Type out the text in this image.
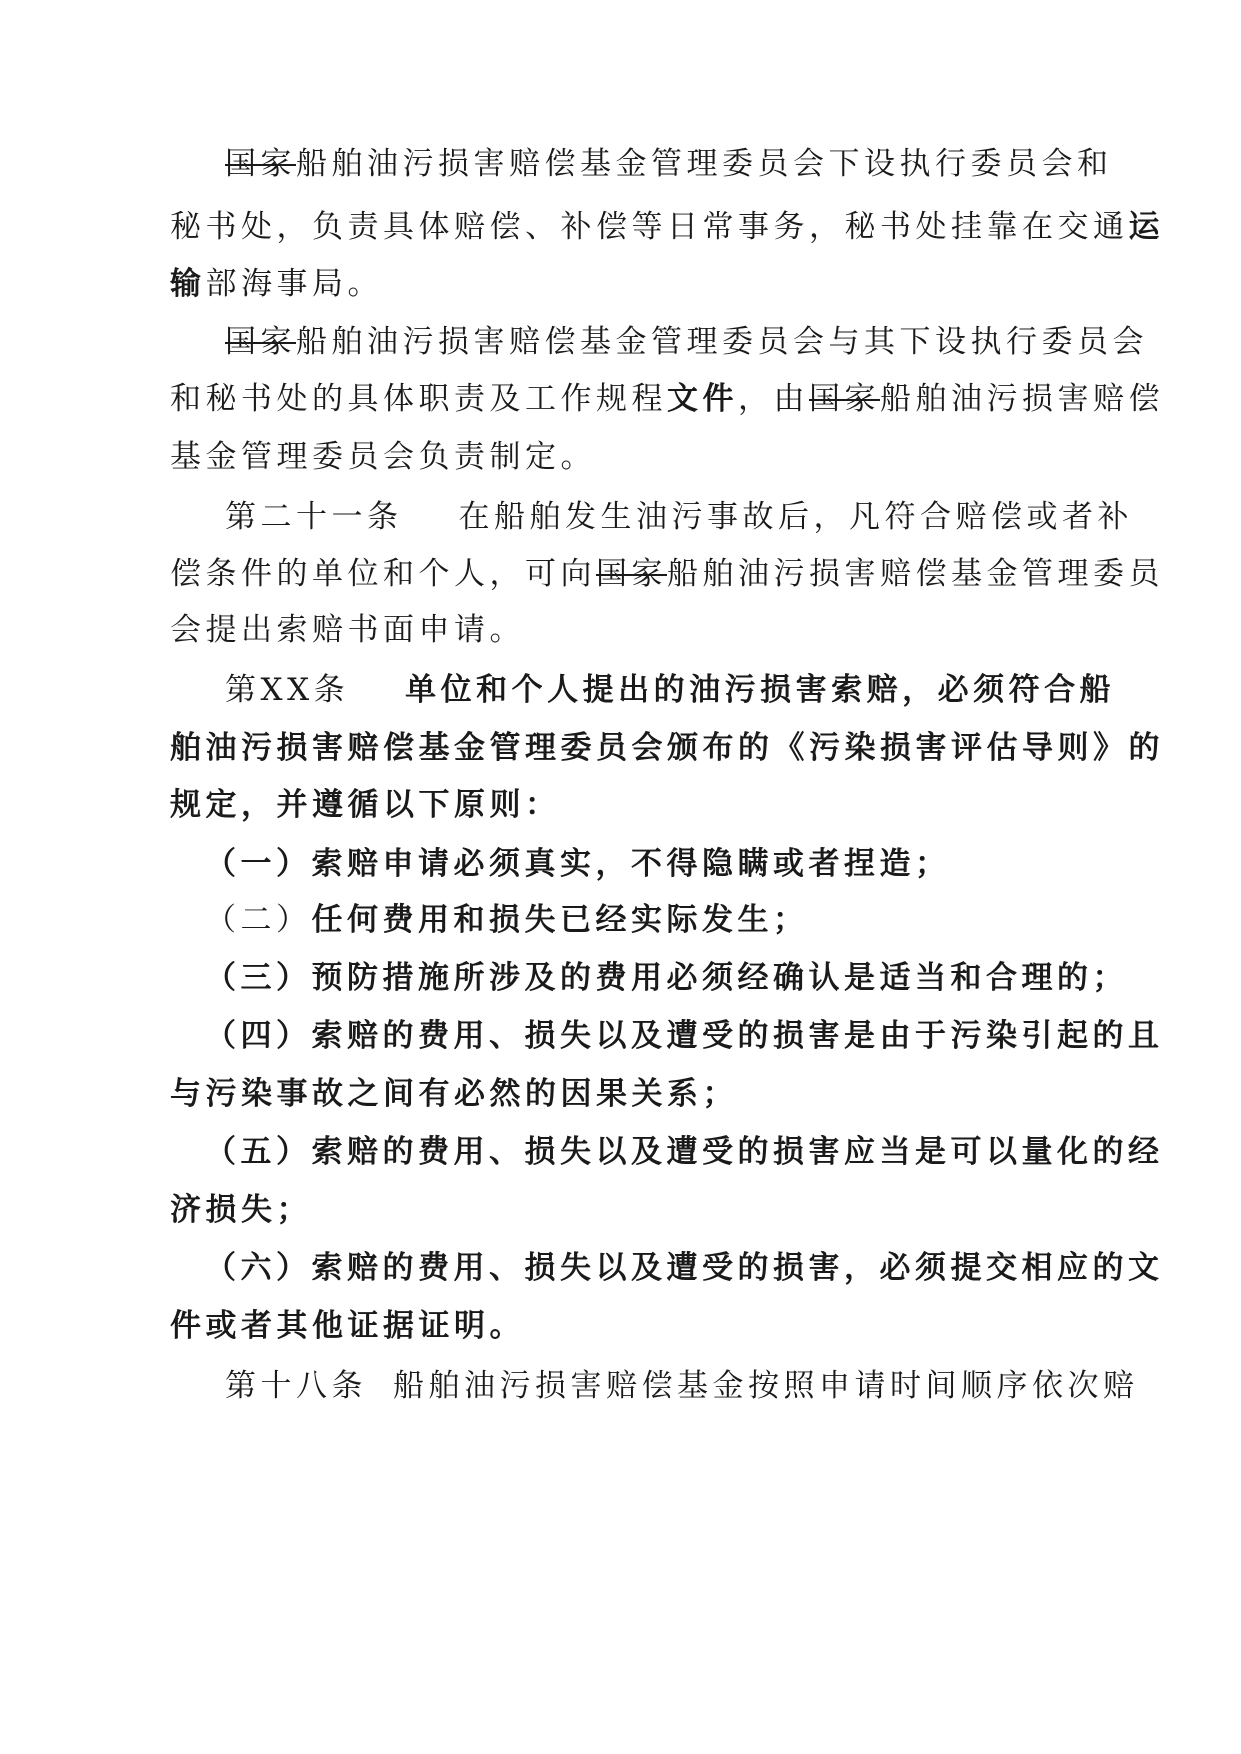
国家船舶油污损害赔偿基金管理委员会下设执行委员会和
秘书处，负责具体赔偿、补偿等日常事务，秘书处挂靠在交通运
输部海事局。
国家船舶油污损害赔偿基金管理委员会与其下设执行委员会
和秘书处的具体职责及工作规程文件，由国家船舶油污损害赔偿
基金管理委员会负责制定。
第二十一条 在船舶发生油污事故后，凡符合赔偿或者补
偿条件的单位和个人，可向国家船舶油污损害赔偿基金管理委员
会提出索赔书面申请。
第XX条 单位和个人提出的油污损害索赔，必须符合船
舶油污损害赔偿基金管理委员会颁布的《污染损害评估导则》的
规定，并遵循以下原则：
（一）索赔申请必须真实，不得隐瞒或者捏造；
（二）任何费用和损失已经实际发生；
（三）预防措施所涉及的费用必须经确认是适当和合理的；
（四）索赔的费用、损失以及遭受的损害是由于污染引起的且
与污染事故之间有必然的因果关系；
（五）索赔的费用、损失以及遭受的损害应当是可以量化的经
济损失；
（六）索赔的费用、损失以及遭受的损害，必须提交相应的文
件或者其他证据证明。
第十八条 船舶油污损害赔偿基金按照申请时间顺序依次赔
